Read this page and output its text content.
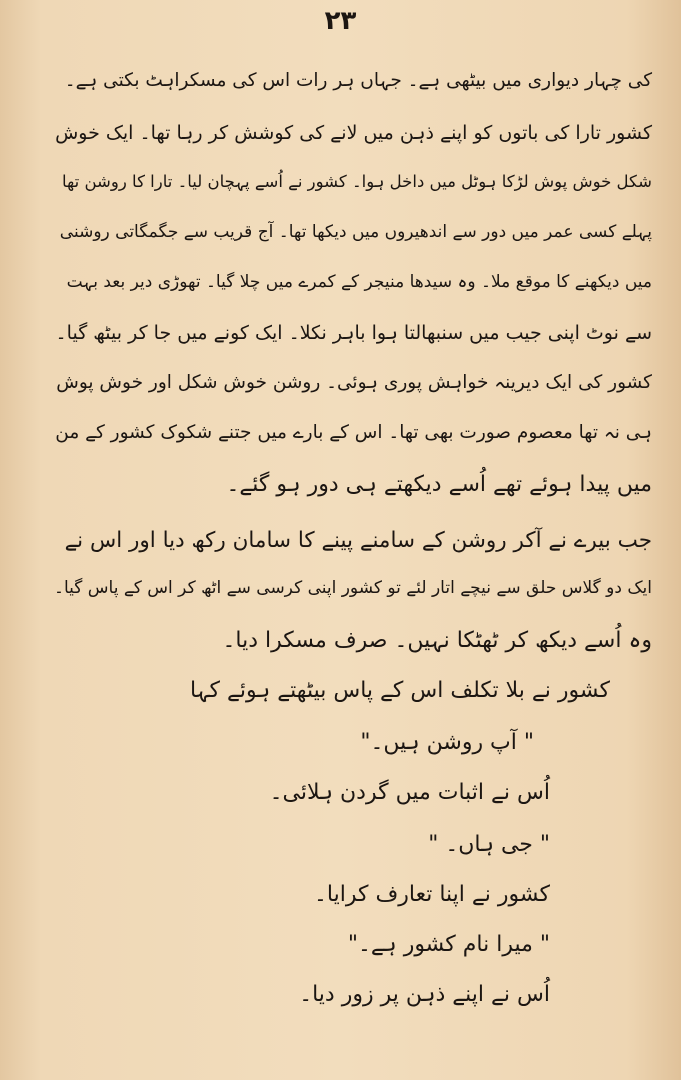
۲۳
کی چہار دیواری میں بیٹھی ہے۔ جہاں ہر رات اس کی مسکراہٹ بکتی ہے۔
کشور تارا کی باتوں کو اپنے ذہن میں لانے کی کوشش کر رہا تھا۔ ایک خوش
شکل خوش پوش لڑکا ہوٹل میں داخل ہوا۔ کشور نے اُسے پہچان لیا۔ تارا کا روشن تھا
پہلے کسی عمر میں دور سے اندھیروں میں دیکھا تھا۔ آج قریب سے جگمگاتی روشنی
میں دیکھنے کا موقع ملا۔ وہ سیدھا منیجر کے کمرے میں چلا گیا۔ تھوڑی دیر بعد بہت
سے نوٹ اپنی جیب میں سنبھالتا ہوا باہر نکلا۔ ایک کونے میں جا کر بیٹھ گیا۔
کشور کی ایک دیرینہ خواہش پوری ہوئی۔ روشن خوش شکل اور خوش پوش
ہی نہ تھا معصوم صورت بھی تھا۔ اس کے بارے میں جتنے شکوک کشور کے من
میں پیدا ہوئے تھے اُسے دیکھتے ہی دور ہو گئے۔
جب بیرے نے آکر روشن کے سامنے پینے کا سامان رکھ دیا اور اس نے
ایک دو گلاس حلق سے نیچے اتار لئے تو کشور اپنی کرسی سے اٹھ کر اس کے پاس گیا۔
وہ اُسے دیکھ کر ٹھٹکا نہیں۔ صرف مسکرا دیا۔
کشور نے بلا تکلف اس کے پاس بیٹھتے ہوئے کہا
" آپ روشن ہیں۔"
اُس نے اثبات میں گردن ہلائی۔
" جی ہاں۔ "
کشور نے اپنا تعارف کرایا۔
" میرا نام کشور ہے۔"
اُس نے اپنے ذہن پر زور دیا۔
